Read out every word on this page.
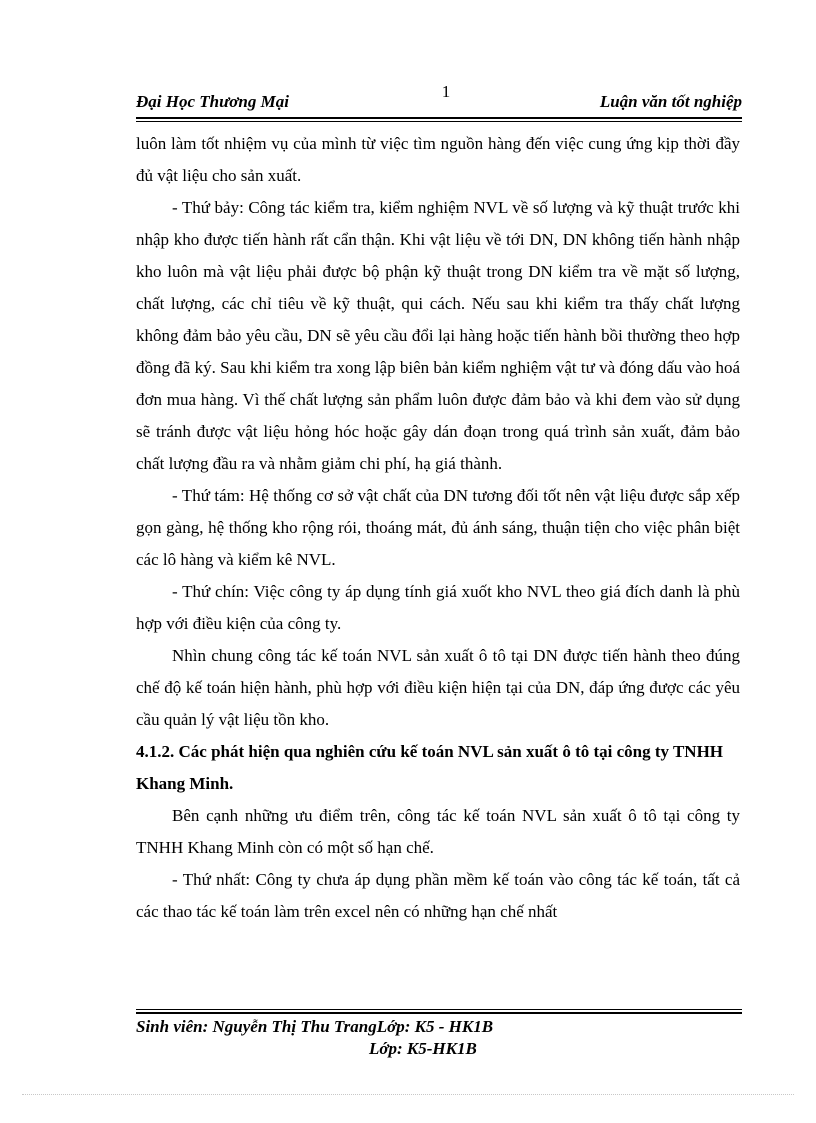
1
Đại Học Thương Mại	Luận văn tốt nghiệp

luôn làm tốt nhiệm vụ của mình từ việc tìm nguồn hàng đến việc cung ứng kịp thời đầy đủ vật liệu cho sản xuất.

- Thứ bảy: Công tác kiểm tra, kiểm nghiệm NVL về số lượng và kỹ thuật trước khi nhập kho được tiến hành rất cẩn thận. Khi vật liệu về tới DN, DN không tiến hành nhập kho luôn mà vật liệu phải được bộ phận kỹ thuật trong DN kiểm tra về mặt số lượng, chất lượng, các chỉ tiêu về kỹ thuật, qui cách. Nếu sau khi kiểm tra thấy chất lượng không đảm bảo yêu cầu, DN sẽ yêu cầu đổi lại hàng hoặc tiến hành bồi thường theo hợp đồng đã ký. Sau khi kiểm tra xong lập biên bản kiểm nghiệm vật tư và đóng dấu vào hoá đơn mua hàng. Vì thế chất lượng sản phẩm luôn được đảm bảo và khi đem vào sử dụng sẽ tránh được vật liệu hỏng hóc hoặc gây dán đoạn trong quá trình sản xuất, đảm bảo chất lượng đầu ra và nhằm giảm chi phí, hạ giá thành.

- Thứ tám: Hệ thống cơ sở vật chất của DN tương đối tốt nên vật liệu được sắp xếp gọn gàng, hệ thống kho rộng rói, thoáng mát, đủ ánh sáng, thuận tiện cho việc phân biệt các lô hàng và kiểm kê NVL.

- Thứ chín: Việc công ty áp dụng tính giá xuốt kho NVL theo giá đích danh là phù hợp với điều kiện của công ty.

Nhìn chung công tác kế toán NVL sản xuất ô tô tại DN được tiến hành theo đúng chế độ kế toán hiện hành, phù hợp với điều kiện hiện tại của DN, đáp ứng được các yêu cầu quản lý vật liệu tồn kho.

4.1.2. Các phát hiện qua nghiên cứu kế toán NVL sản xuất ô tô tại công ty TNHH Khang Minh.

Bên cạnh những ưu điểm trên, công tác kế toán NVL sản xuất ô tô tại công ty TNHH Khang Minh còn có một số hạn chế.

- Thứ nhất: Công ty chưa áp dụng phần mềm kế toán vào công tác kế toán, tất cả các thao tác kế toán làm trên excel nên có những hạn chế nhất

Sinh viên: Nguyễn Thị Thu TrangLớp: K5 - HK1B
Lớp: K5-HK1B
